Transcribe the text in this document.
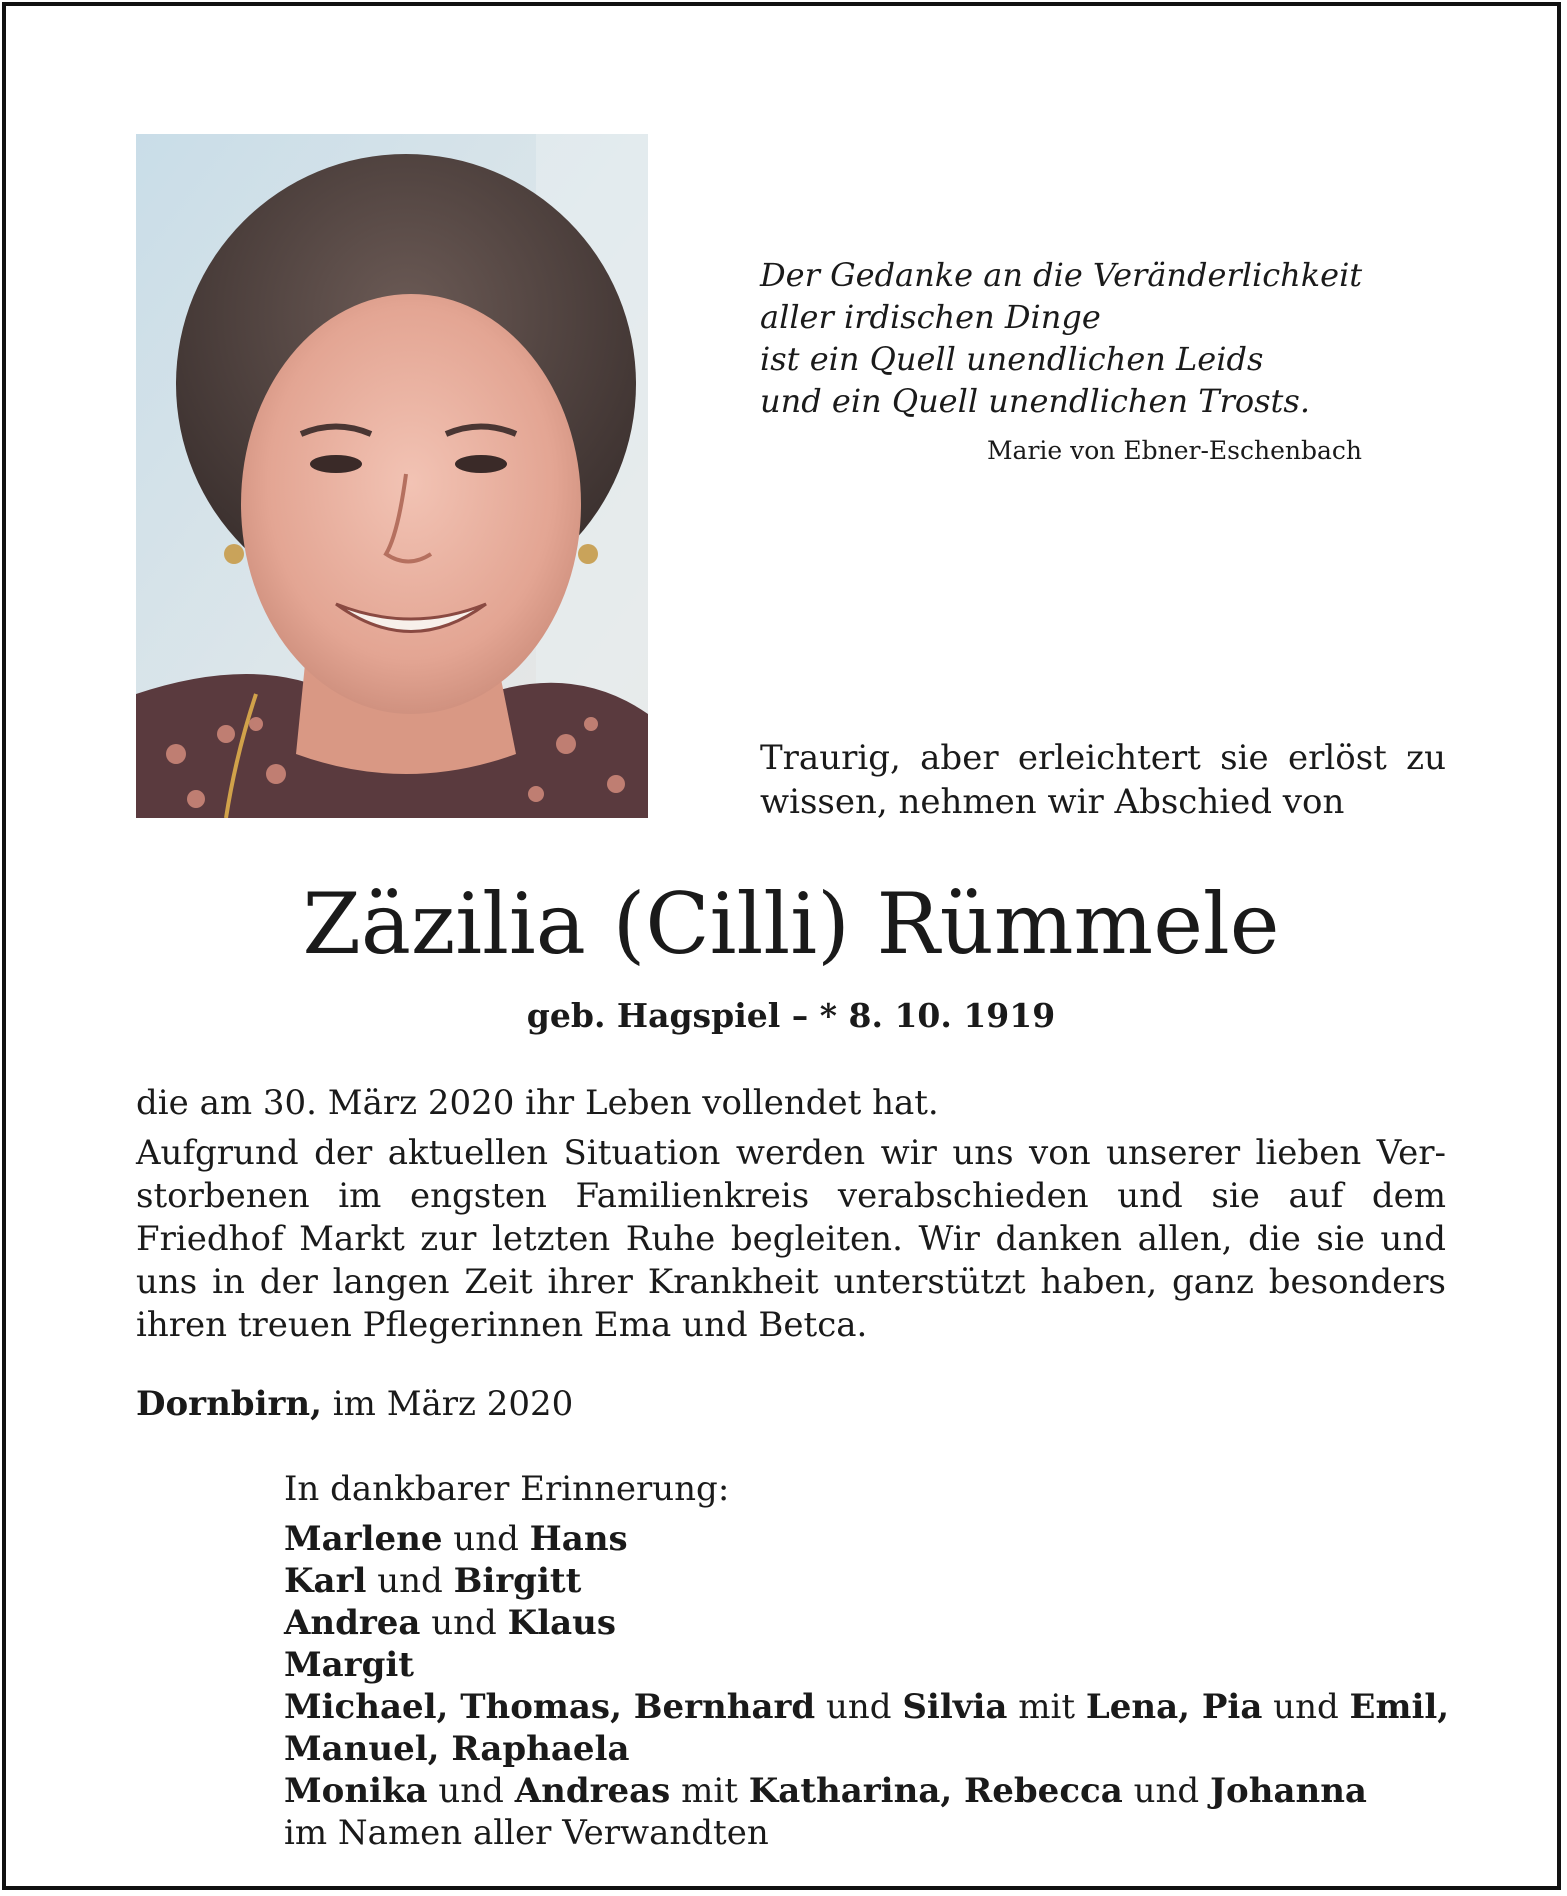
Der Gedanke an die Veränderlichkeit

aller irdischen Dinge

ist ein Quell unendlichen Leids

und ein Quell unendlichen Trosts.

Marie von Ebner-Eschenbach
Traurig, aber erleichtert sie erlöst zu wissen, nehmen wir Abschied von
Zäzilia (Cilli) Rümmele
geb. Hagspiel – * 8. 10. 1919
die am 30. März 2020 ihr Leben vollendet hat.
Aufgrund der aktuellen Situation werden wir uns von unserer lieben Verstorbenen im engsten Familienkreis verabschieden und sie auf dem Friedhof Markt zur letzten Ruhe begleiten. Wir danken allen, die sie und uns in der langen Zeit ihrer Krankheit unterstützt haben, ganz besonders ihren treuen Pflegerinnen Ema und Betca.
Dornbirn, im März 2020
In dankbarer Erinnerung:
Marlene und Hans
Karl und Birgitt
Andrea und Klaus
Margit
Michael, Thomas, Bernhard und Silvia mit Lena, Pia und Emil,
Manuel, Raphaela
Monika und Andreas mit Katharina, Rebecca und Johanna
im Namen aller Verwandten
